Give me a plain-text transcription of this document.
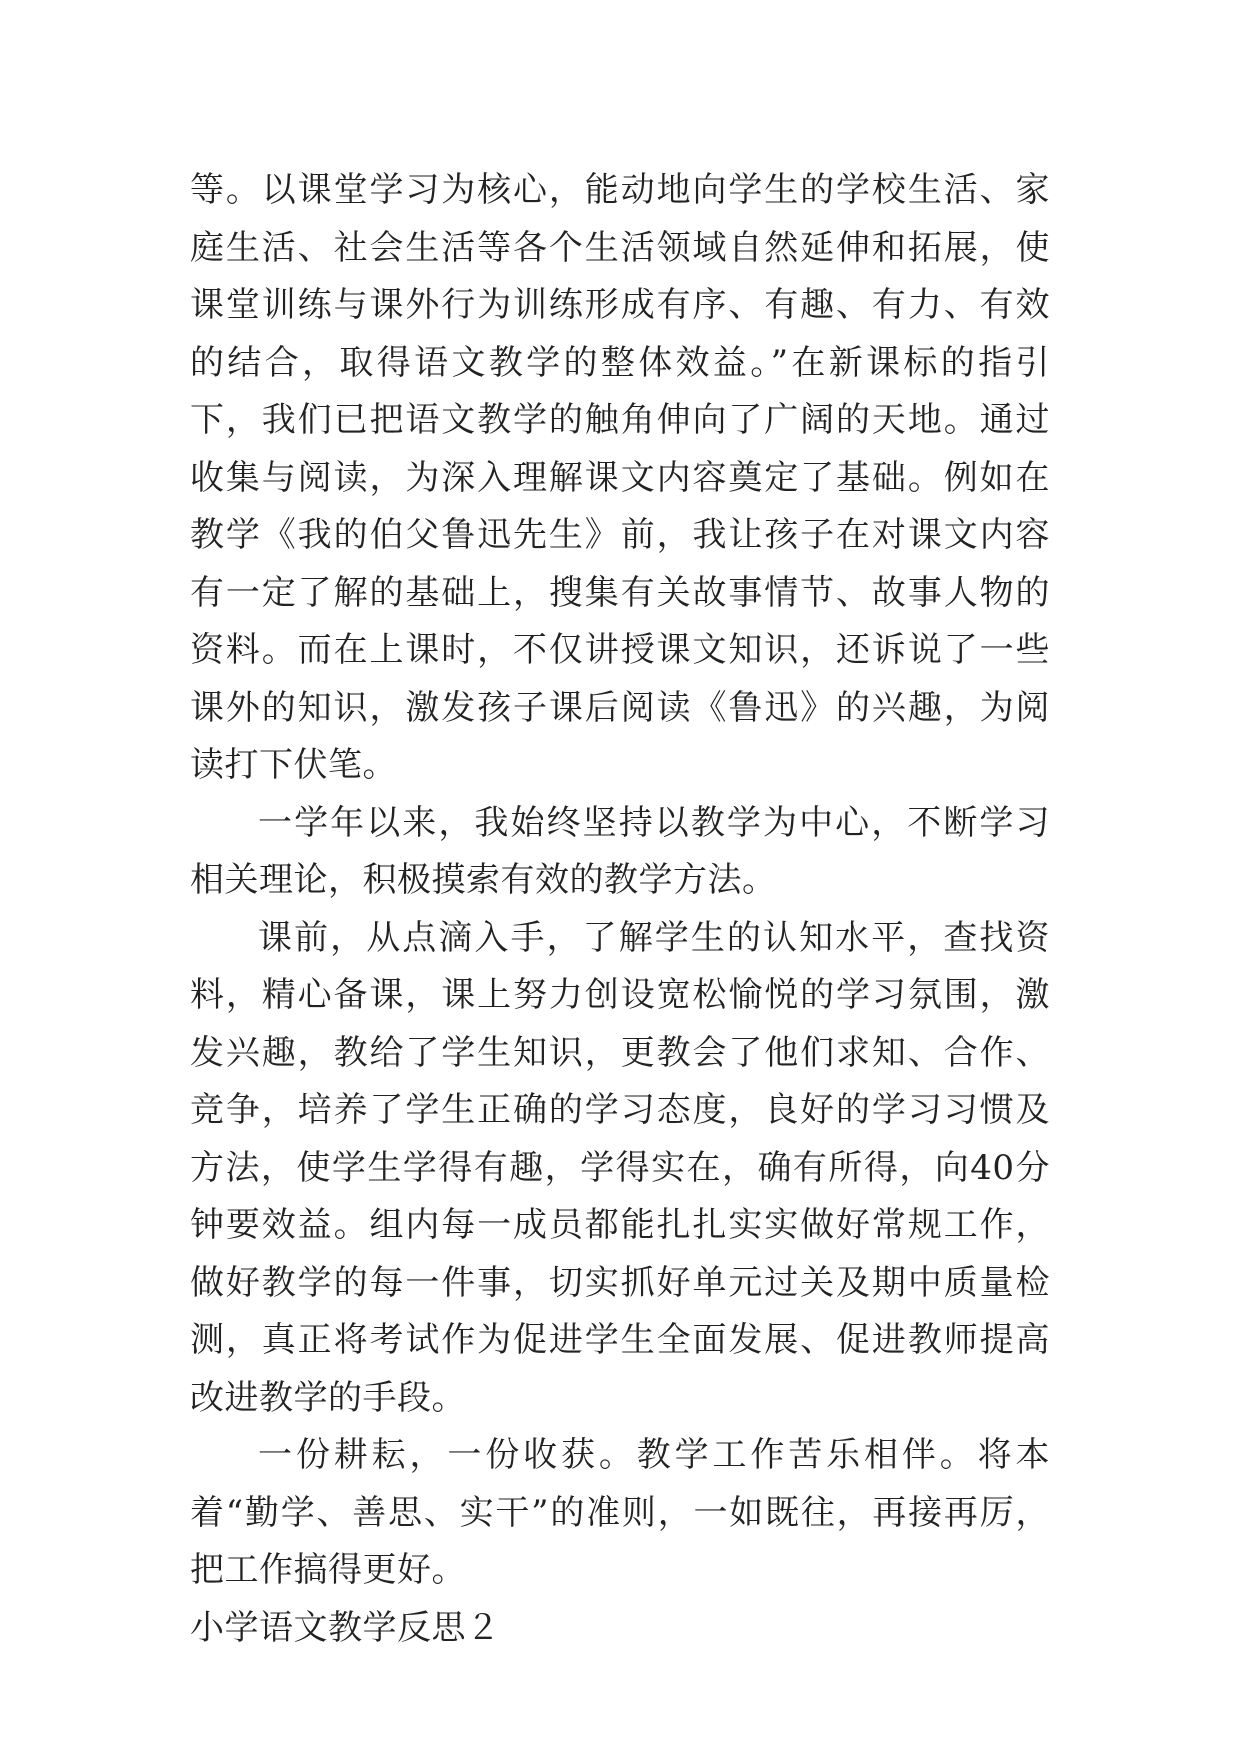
等。以课堂学习为核心，能动地向学生的学校生活、家庭生活、社会生活等各个生活领域自然延伸和拓展，使课堂训练与课外行为训练形成有序、有趣、有力、有效的结合，取得语文教学的整体效益。”在新课标的指引下，我们已把语文教学的触角伸向了广阔的天地。通过收集与阅读，为深入理解课文内容奠定了基础。例如在教学《我的伯父鲁迅先生》前，我让孩子在对课文内容有一定了解的基础上，搜集有关故事情节、故事人物的资料。而在上课时，不仅讲授课文知识，还诉说了一些课外的知识，激发孩子课后阅读《鲁迅》的兴趣，为阅读打下伏笔。

一学年以来，我始终坚持以教学为中心，不断学习相关理论，积极摸索有效的教学方法。

课前，从点滴入手，了解学生的认知水平，查找资料，精心备课，课上努力创设宽松愉悦的学习氛围，激发兴趣，教给了学生知识，更教会了他们求知、合作、竞争，培养了学生正确的学习态度，良好的学习习惯及方法，使学生学得有趣，学得实在，确有所得，向40分钟要效益。组内每一成员都能扎扎实实做好常规工作，做好教学的每一件事，切实抓好单元过关及期中质量检测，真正将考试作为促进学生全面发展、促进教师提高改进教学的手段。

一份耕耘，一份收获。教学工作苦乐相伴。将本着“勤学、善思、实干”的准则，一如既往，再接再厉，把工作搞得更好。

小学语文教学反思２
